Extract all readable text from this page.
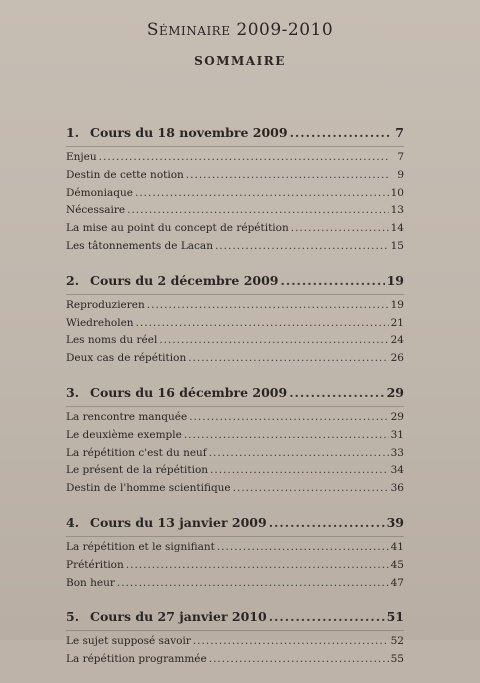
Séminaire 2009-2010
SOMMAIRE
1. Cours du 18 novembre 2009 .....	7
Enjeu .....	7
Destin de cette notion .....	9
Démoniaque .....	10
Nécessaire .....	13
La mise au point du concept de répétition .....	14
Les tâtonnements de Lacan .....	15
2. Cours du 2 décembre 2009 .....	19
Reproduzieren .....	19
Wiedreholen .....	21
Les noms du réel .....	24
Deux cas de répétition .....	26
3. Cours du 16 décembre 2009 .....	29
La rencontre manquée .....	29
Le deuxième exemple .....	31
La répétition c'est du neuf .....	33
Le présent de la répétition .....	34
Destin de l'homme scientifique .....	36
4. Cours du 13 janvier 2009 .....	39
La répétition et le signifiant .....	41
Prétérition .....	45
Bon heur .....	47
5. Cours du 27 janvier 2010 .....	51
Le sujet supposé savoir .....	52
La répétition programmée .....	55
